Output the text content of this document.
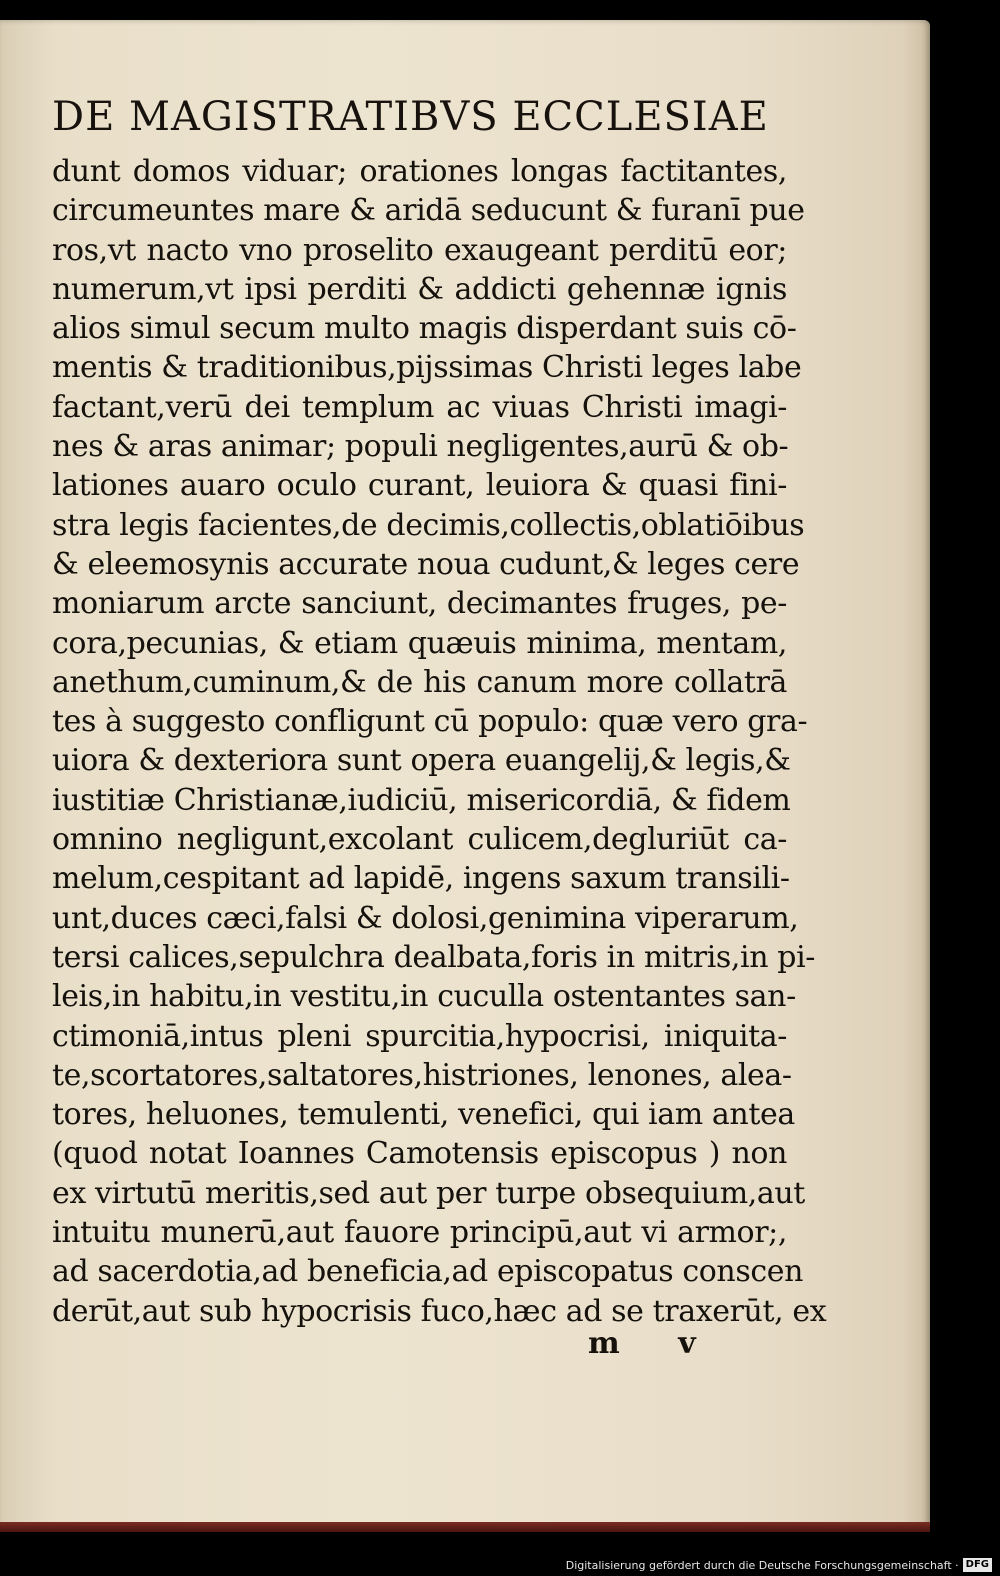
DE MAGISTRATIBVS ECCLESIAE
dunt domos viduar; orationes longas factitantes,
circumeuntes mare & aridā seducunt & furanī pue
ros,vt nacto vno proselito exaugeant perditū eor;
numerum,vt ipsi perditi & addicti gehennæ ignis
alios simul secum multo magis disperdant suis cō-
mentis & traditionibus,pijssimas Christi leges labe
factant,verū dei templum ac viuas Christi imagi-
nes & aras animar; populi negligentes,aurū & ob-
lationes auaro oculo curant, leuiora & quasi fini-
stra legis facientes,de decimis,collectis,oblatiōibus
& eleemosynis accurate noua cudunt,& leges cere
moniarum arcte sanciunt, decimantes fruges, pe-
cora,pecunias, & etiam quæuis minima, mentam,
anethum,cuminum,& de his canum more collatrā
tes à suggesto confligunt cū populo: quæ vero gra-
uiora & dexteriora sunt opera euangelij,& legis,&
iustitiæ Christianæ,iudiciū, misericordiā, & fidem
omnino negligunt,excolant culicem,degluriūt ca-
melum,cespitant ad lapidē, ingens saxum transili-
unt,duces cæci,falsi & dolosi,genimina viperarum,
tersi calices,sepulchra dealbata,foris in mitris,in pi-
leis,in habitu,in vestitu,in cuculla ostentantes san-
ctimoniā,intus pleni spurcitia,hypocrisi, iniquita-
te,scortatores,saltatores,histriones, lenones, alea-
tores, heluones, temulenti, venefici, qui iam antea
(quod notat Ioannes Camotensis episcopus ) non
ex virtutū meritis,sed aut per turpe obsequium,aut
intuitu munerū,aut fauore principū,aut vi armor;,
ad sacerdotia,ad beneficia,ad episcopatus conscen
derūt,aut sub hypocrisis fuco,hæc ad se traxerūt, ex
m v
Digitalisierung gefördert durch die Deutsche Forschungsgemeinschaft · DFG
